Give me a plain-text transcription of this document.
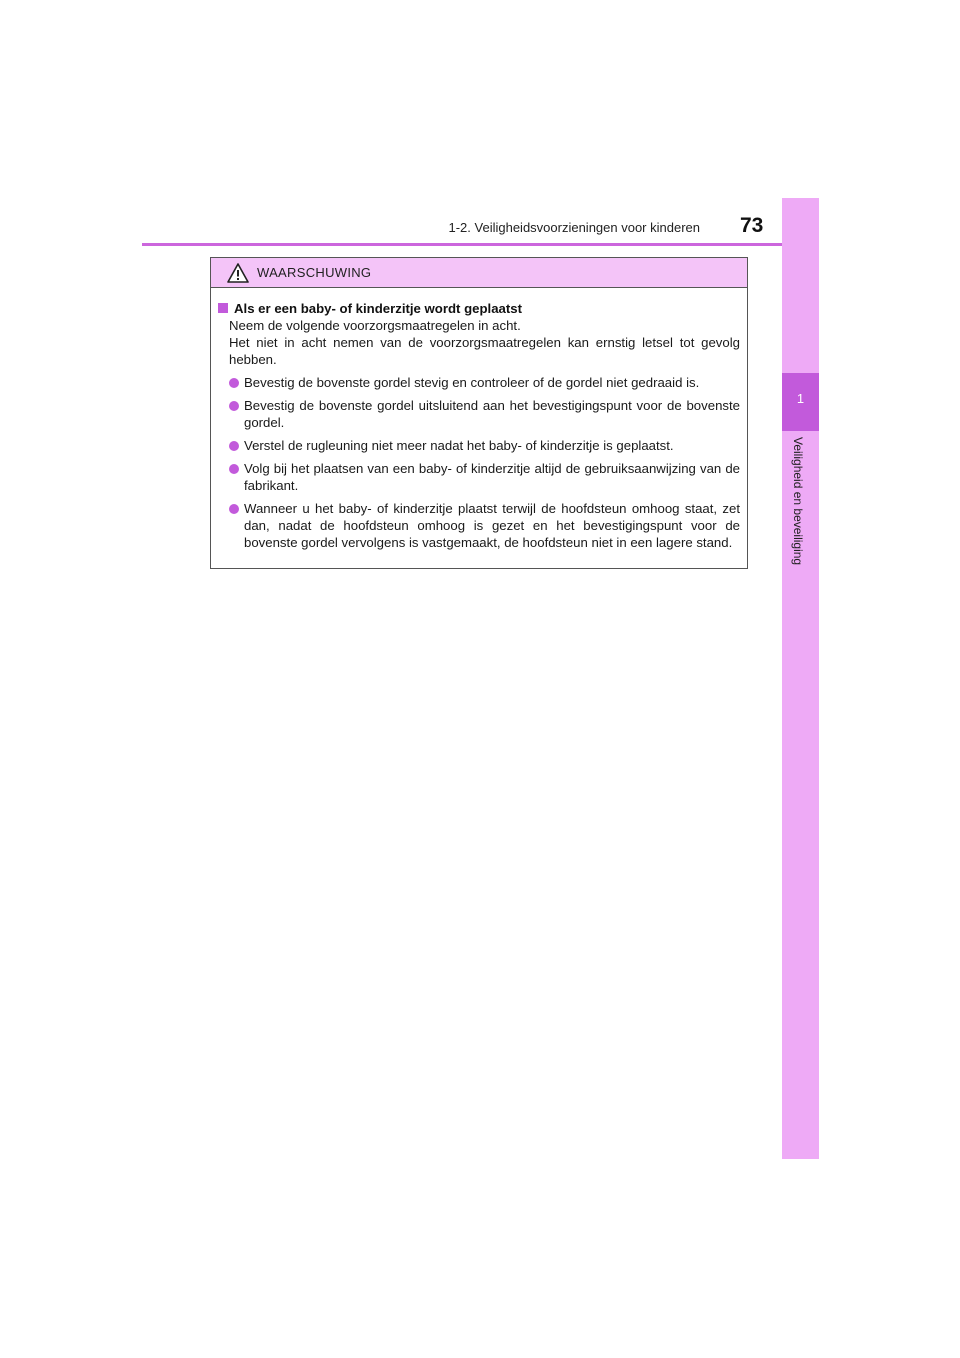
1-2. Veiligheidsvoorzieningen voor kinderen 73
1
Veiligheid en beveiliging
WAARSCHUWING
Als er een baby- of kinderzitje wordt geplaatst
Neem de volgende voorzorgsmaatregelen in acht.
Het niet in acht nemen van de voorzorgsmaatregelen kan ernstig letsel tot gevolg hebben.
Bevestig de bovenste gordel stevig en controleer of de gordel niet gedraaid is.
Bevestig de bovenste gordel uitsluitend aan het bevestigingspunt voor de bovenste gordel.
Verstel de rugleuning niet meer nadat het baby- of kinderzitje is geplaatst.
Volg bij het plaatsen van een baby- of kinderzitje altijd de gebruiksaanwijzing van de fabrikant.
Wanneer u het baby- of kinderzitje plaatst terwijl de hoofdsteun omhoog staat, zet dan, nadat de hoofdsteun omhoog is gezet en het bevestigingspunt voor de bovenste gordel vervolgens is vastgemaakt, de hoofdsteun niet in een lagere stand.
